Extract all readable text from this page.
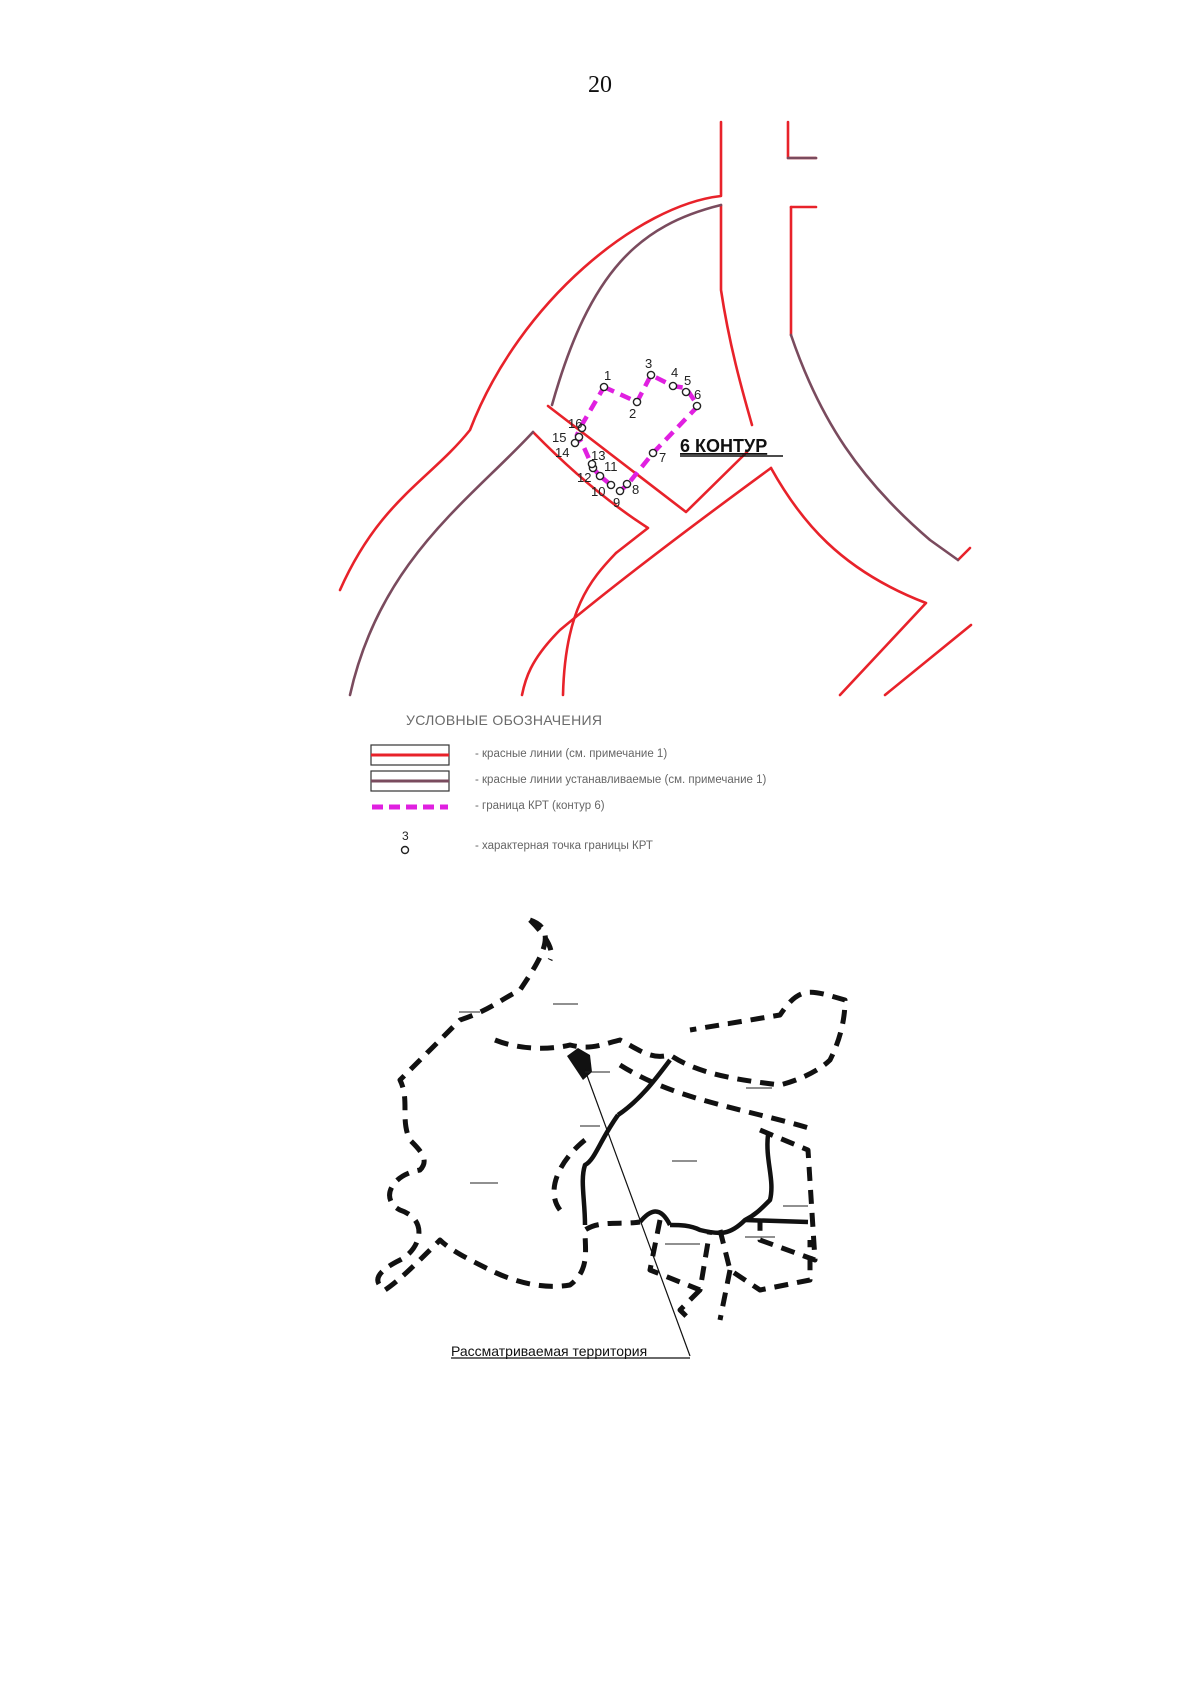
20
1
2
3
4
5
6
7
8
9
10
11
12
13
14
15
16
6 КОНТУР
УСЛОВНЫЕ ОБОЗНАЧЕНИЯ
- красные линии (см. примечание 1)
- красные линии устанавливаемые (см. примечание 1)
- граница КРТ (контур 6)
3
- характерная точка границы КРТ
Рассматриваемая территория
